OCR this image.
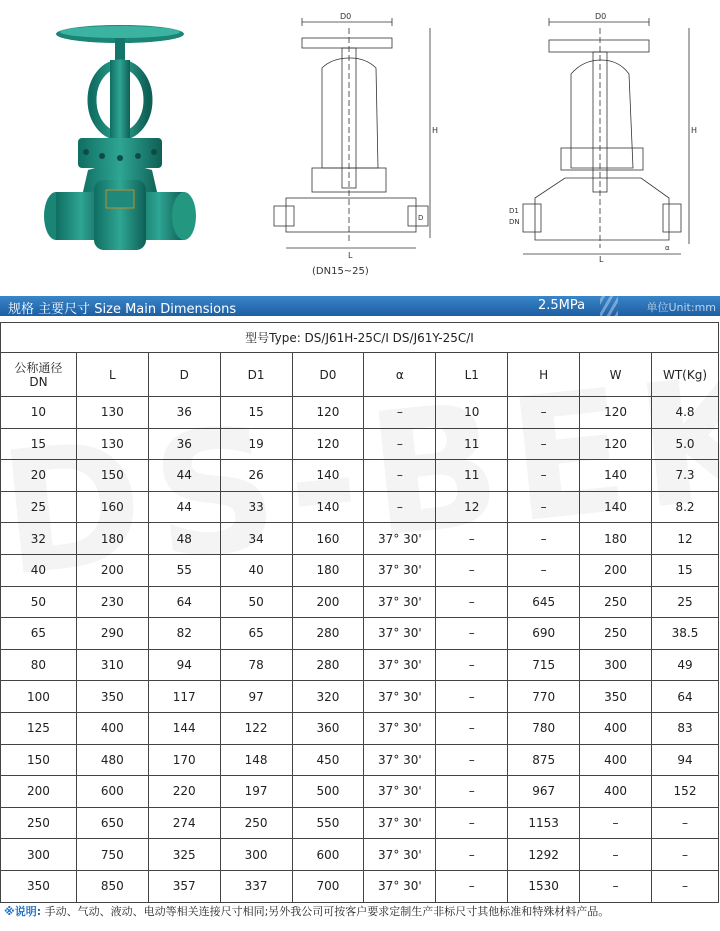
D0
H
L
D
D0
H
L
D1
DN
α
(DN15~25)
规格 主要尺寸 Size Main Dimensions	2.5MPa	单位Unit:mm
型号Type: DS/J61H-25C/I DS/J61Y-25C/I									
公称通径
DN	L	D	D1	D0	α	L1	H	W	WT(Kg)
10	130	36	15	120	–	10	–	120	4.8
15	130	36	19	120	–	11	–	120	5.0
20	150	44	26	140	–	11	–	140	7.3
25	160	44	33	140	–	12	–	140	8.2
32	180	48	34	160	37° 30'	–	–	180	12
40	200	55	40	180	37° 30'	–	–	200	15
50	230	64	50	200	37° 30'	–	645	250	25
65	290	82	65	280	37° 30'	–	690	250	38.5
80	310	94	78	280	37° 30'	–	715	300	49
100	350	117	97	320	37° 30'	–	770	350	64
125	400	144	122	360	37° 30'	–	780	400	83
150	480	170	148	450	37° 30'	–	875	400	94
200	600	220	197	500	37° 30'	–	967	400	152
250	650	274	250	550	37° 30'	–	1153	–	–
300	750	325	300	600	37° 30'	–	1292	–	–
350	850	357	337	700	37° 30'	–	1530	–	–
※说明: 手动、气动、液动、电动等相关连接尺寸相同;另外我公司可按客户要求定制生产非标尺寸其他标准和特殊材料产品。
